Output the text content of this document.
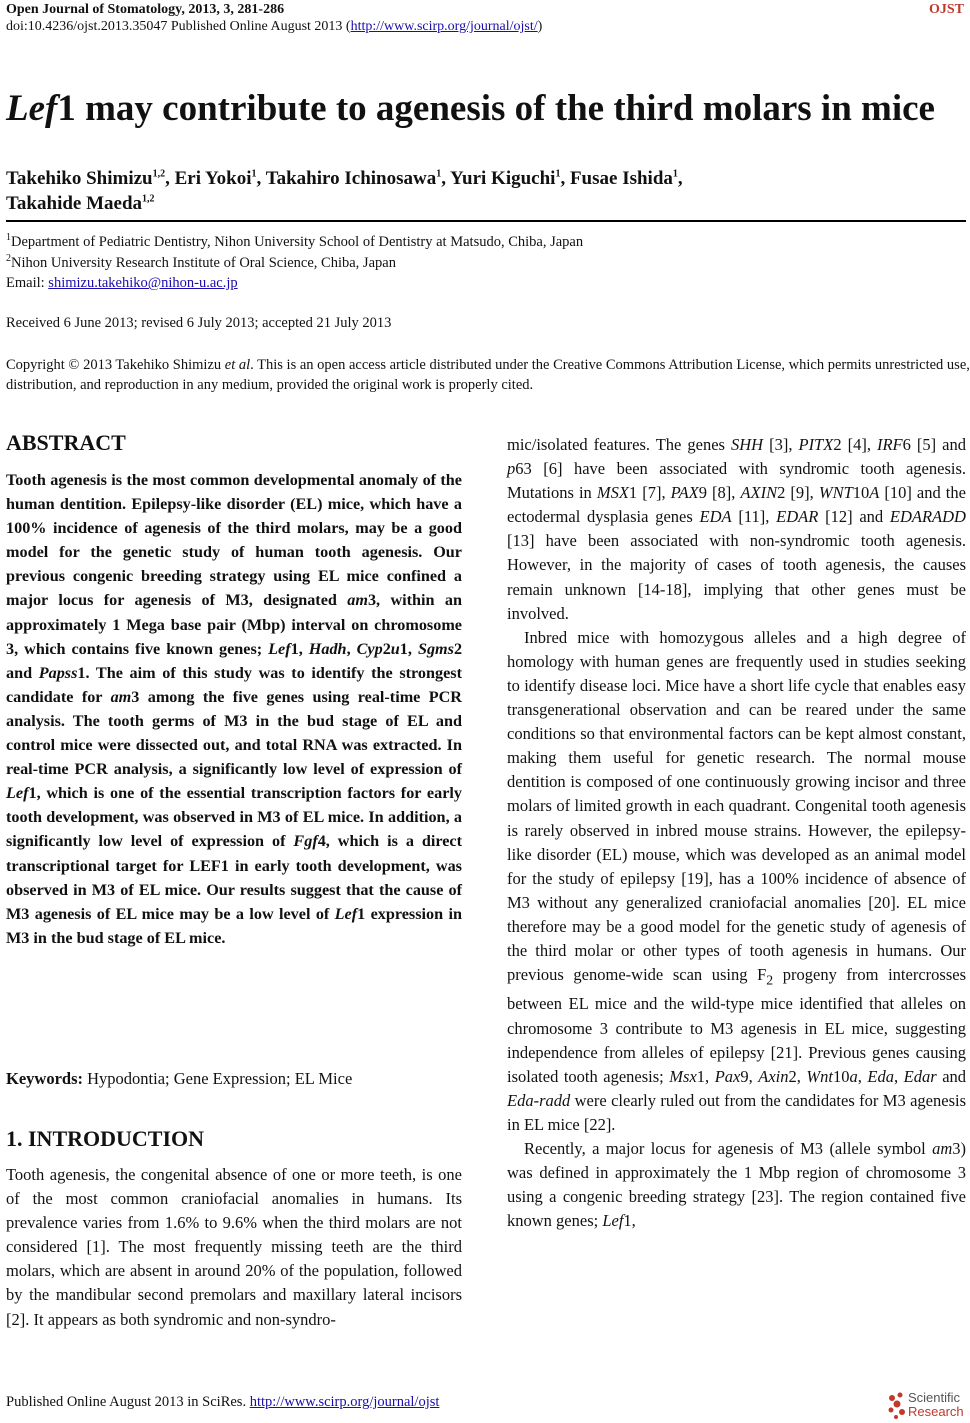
Open Journal of Stomatology, 2013, 3, 281-286	OJST
doi:10.4236/ojst.2013.35047 Published Online August 2013 (http://www.scirp.org/journal/ojst/)
Lef1 may contribute to agenesis of the third molars in mice
Takehiko Shimizu$^{1,2}$, Eri Yokoi$^1$, Takahiro Ichinosawa$^1$, Yuri Kiguchi$^1$, Fusae Ishida$^1$,
Takahide Maeda$^{1,2}$
$^1$Department of Pediatric Dentistry, Nihon University School of Dentistry at Matsudo, Chiba, Japan
$^2$Nihon University Research Institute of Oral Science, Chiba, Japan
Email: shimizu.takehiko@nihon-u.ac.jp
Received 6 June 2013; revised 6 July 2013; accepted 21 July 2013
Copyright © 2013 Takehiko Shimizu et al. This is an open access article distributed under the Creative Commons Attribution License, which permits unrestricted use, distribution, and reproduction in any medium, provided the original work is properly cited.
ABSTRACT
Tooth agenesis is the most common developmental anomaly of the human dentition. Epilepsy-like disorder (EL) mice, which have a 100% incidence of agenesis of the third molars, may be a good model for the genetic study of human tooth agenesis. Our previous congenic breeding strategy using EL mice confined a major locus for agenesis of M3, designated am3, within an approximately 1 Mega base pair (Mbp) interval on chromosome 3, which contains five known genes; Lef1, Hadh, Cyp2u1, Sgms2 and Papss1. The aim of this study was to identify the strongest candidate for am3 among the five genes using real-time PCR analysis. The tooth germs of M3 in the bud stage of EL and control mice were dissected out, and total RNA was extracted. In real-time PCR analysis, a significantly low level of expression of Lef1, which is one of the essential transcription factors for early tooth development, was observed in M3 of EL mice. In addition, a significantly low level of expression of Fgf4, which is a direct transcriptional target for LEF1 in early tooth development, was observed in M3 of EL mice. Our results suggest that the cause of M3 agenesis of EL mice may be a low level of Lef1 expression in M3 in the bud stage of EL mice.
Keywords: Hypodontia; Gene Expression; EL Mice
1. INTRODUCTION
Tooth agenesis, the congenital absence of one or more teeth, is one of the most common craniofacial anomalies in humans. Its prevalence varies from 1.6% to 9.6% when the third molars are not considered [1]. The most frequently missing teeth are the third molars, which are absent in around 20% of the population, followed by the mandibular second premolars and maxillary lateral incisors [2]. It appears as both syndromic and non-syndro-

mic/isolated features. The genes SHH [3], PITX2 [4], IRF6 [5] and p63 [6] have been associated with syndromic tooth agenesis. Mutations in MSX1 [7], PAX9 [8], AXIN2 [9], WNT10A [10] and the ectodermal dysplasia genes EDA [11], EDAR [12] and EDARADD [13] have been associated with non-syndromic tooth agenesis. However, in the majority of cases of tooth agenesis, the causes remain unknown [14-18], implying that other genes must be involved.

Inbred mice with homozygous alleles and a high degree of homology with human genes are frequently used in studies seeking to identify disease loci. Mice have a short life cycle that enables easy transgenerational observation and can be reared under the same conditions so that environmental factors can be kept almost constant, making them useful for genetic research. The normal mouse dentition is composed of one continuously growing incisor and three molars of limited growth in each quadrant. Congenital tooth agenesis is rarely observed in inbred mouse strains. However, the epilepsy-like disorder (EL) mouse, which was developed as an animal model for the study of epilepsy [19], has a 100% incidence of absence of M3 without any generalized craniofacial anomalies [20]. EL mice therefore may be a good model for the genetic study of agenesis of the third molar or other types of tooth agenesis in humans. Our previous genome-wide scan using $F_2$ progeny from intercrosses between EL mice and the wild-type mice identified that alleles on chromosome 3 contribute to M3 agenesis in EL mice, suggesting independence from alleles of epilepsy [21]. Previous genes causing isolated tooth agenesis; Msx1, Pax9, Axin2, Wnt10a, Eda, Edar and Eda-radd were clearly ruled out from the candidates for M3 agenesis in EL mice [22].

Recently, a major locus for agenesis of M3 (allele symbol am3) was defined in approximately the 1 Mbp region of chromosome 3 using a congenic breeding strategy [23]. The region contained five known genes; Lef1,

Published Online August 2013 in SciRes. http://www.scirp.org/journal/ojst	Scientific
Research
